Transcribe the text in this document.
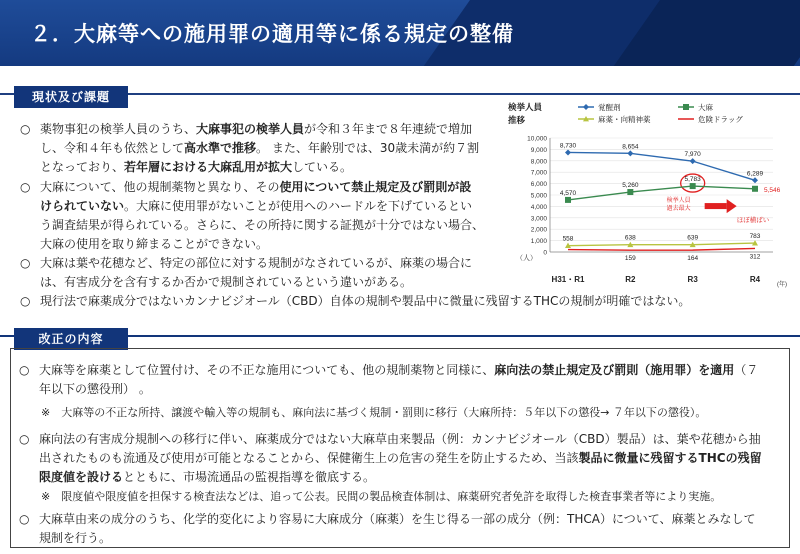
２．大麻等への施用罪の適用等に係る規定の整備
現状及び課題
○ 薬物事犯の検挙人員のうち、大麻事犯の検挙人員が令和３年まで８年連続で増加
し、令和４年も依然として高水準で推移。 また、年齢別では、30歳未満が約７割
となっており、若年層における大麻乱用が拡大している。
○ 大麻について、他の規制薬物と異なり、その使用について禁止規定及び罰則が設
けられていない。大麻に使用罪がないことが使用へのハードルを下げているとい
う調査結果が得られている。さらに、その所持に関する証拠が十分ではない場合、
大麻の使用を取り締まることができない。
○ 大麻は葉や花穂など、特定の部位に対する規制がなされているが、麻薬の場合に
は、有害成分を含有するか否かで規制されているという違いがある。
○ 現行法で麻薬成分ではないカンナビジオール（CBD）自体の規制や製品中に微量に残留するTHCの規制が明確ではない。
検挙人員
推移
覚醒剤	大麻
麻薬・向精神薬	危険ドラッグ
0
1,000
2,000
3,000
4,000
5,000
6,000
7,000
8,000
9,000
10,000
（人）
(年)
H31・R1	R2	R3	R4
8,730	8,654
7,970
6,289
4,570
5,260
5,783
5,546
558	638	639	783
159	164	312
検挙人員
過去最大
ほぼ横ばい
改正の内容
○ 大麻等を麻薬として位置付け、その不正な施用についても、他の規制薬物と同様に、麻向法の禁止規定及び罰則（施用罪）を適用（７
年以下の懲役刑） 。
※　大麻等の不正な所持、譲渡や輸入等の規制も、麻向法に基づく規制・罰則に移行（大麻所持：５年以下の懲役→ ７年以下の懲役）。
○ 麻向法の有害成分規制への移行に伴い、麻薬成分ではない大麻草由来製品（例：カンナビジオール（CBD）製品）は、葉や花穂から抽
出されたものも流通及び使用が可能となることから、保健衛生上の危害の発生を防止するため、当該製品に微量に残留するTHCの残留
限度値を設けるとともに、市場流通品の監視指導を徹底する。
※　限度値や限度値を担保する検査法などは、追って公表。民間の製品検査体制は、麻薬研究者免許を取得した検査事業者等により実施。
○ 大麻草由来の成分のうち、化学的変化により容易に大麻成分（麻薬）を生じ得る一部の成分（例：THCA）について、麻薬とみなして
規制を行う。
